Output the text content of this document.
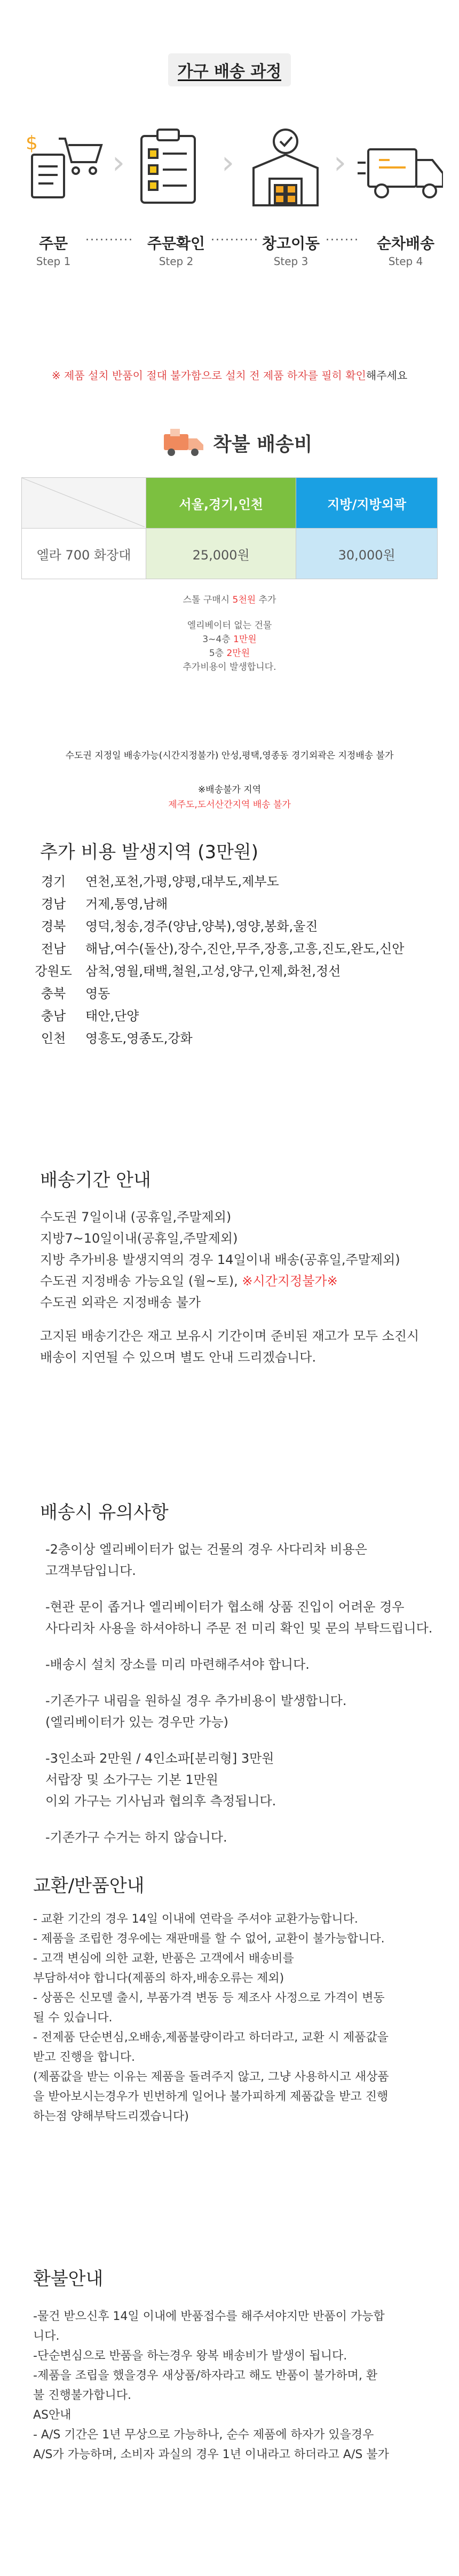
가구 배송 과정
$
›	›	›
주문
Step 1
·········· 주문확인
Step 2
·········· 창고이동
Step 3
·······	순차배송
Step 4
※ 제품 설치 반품이 절대 불가함으로 설치 전 제품 하자를 필히 확인해주세요
착불 배송비
	서울,경기,인천	지방/지방외곽
엘라 700 화장대	25,000원	30,000원
스톨 구매시 5천원 추가
엘리베이터 없는 건물
3~4층 1만원
5층 2만원
추가비용이 발생합니다.
수도권 지정일 배송가능(시간지정불가) 안성,평택,영종동 경기외곽은 지정배송 불가
※배송불가 지역
제주도,도서산간지역 배송 불가
추가 비용 발생지역 (3만원)
경기	연천,포천,가평,양평,대부도,제부도
경남	거제,통영,남해
경북	영덕,청송,경주(양남,양북),영양,봉화,울진
전남	해남,여수(돌산),장수,진안,무주,장흥,고흥,진도,완도,신안
강원도	삼척,영월,태백,철원,고성,양구,인제,화천,정선
충북	영동
충남	태안,단양
인천	영흥도,영종도,강화
배송기간 안내
수도권 7일이내 (공휴일,주말제외)
지방7~10일이내(공휴일,주말제외)
지방 추가비용 발생지역의 경우 14일이내 배송(공휴일,주말제외)
수도권 지정배송 가능요일 (월~토), ※시간지정불가※
수도권 외곽은 지정배송 불가
고지된 배송기간은 재고 보유시 기간이며 준비된 재고가 모두 소진시
배송이 지연될 수 있으며 별도 안내 드리겠습니다.
배송시 유의사항
-2층이상 엘리베이터가 없는 건물의 경우 사다리차 비용은
고객부담입니다.
-현관 문이 좁거나 엘리베이터가 협소해 상품 진입이 어려운 경우
사다리차 사용을 하셔야하니 주문 전 미리 확인 및 문의 부탁드립니다.
-배송시 설치 장소를 미리 마련해주셔야 합니다.
-기존가구 내림을 원하실 경우 추가비용이 발생합니다.
(엘리베이터가 있는 경우만 가능)
-3인소파 2만원 / 4인소파[분리형] 3만원
서랍장 및 소가구는 기본 1만원
이외 가구는 기사님과 협의후 측정됩니다.
-기존가구 수거는 하지 않습니다.
교환/반품안내
- 교환 기간의 경우 14일 이내에 연락을 주셔야 교환가능합니다.
- 제품을 조립한 경우에는 재판매를 할 수 없어, 교환이 불가능합니다.
- 고객 변심에 의한 교환, 반품은 고객에서 배송비를
부담하셔야 합니다(제품의 하자,배송오류는 제외)
- 상품은 신모델 출시, 부품가격 변동 등 제조사 사정으로 가격이 변동
될 수 있습니다.
- 전제품 단순변심,오배송,제품불량이라고 하더라고, 교환 시 제품값을
받고 진행을 합니다.
(제품값을 받는 이유는 제품을 돌려주지 않고, 그냥 사용하시고 새상품
을 받아보시는경우가 빈번하게 일어나 불가피하게 제품값을 받고 진행
하는점 양해부탁드리겠습니다)
환불안내
-물건 받으신후 14일 이내에 반품접수를 해주셔야지만 반품이 가능합
니다.
-단순변심으로 반품을 하는경우 왕복 배송비가 발생이 됩니다.
-제품을 조립을 했을경우 새상품/하자라고 해도 반품이 불가하며, 환
불 진행불가합니다.
AS안내
- A/S 기간은 1년 무상으로 가능하나, 순수 제품에 하자가 있을경우
A/S가 가능하며, 소비자 과실의 경우 1년 이내라고 하더라고 A/S 불가
